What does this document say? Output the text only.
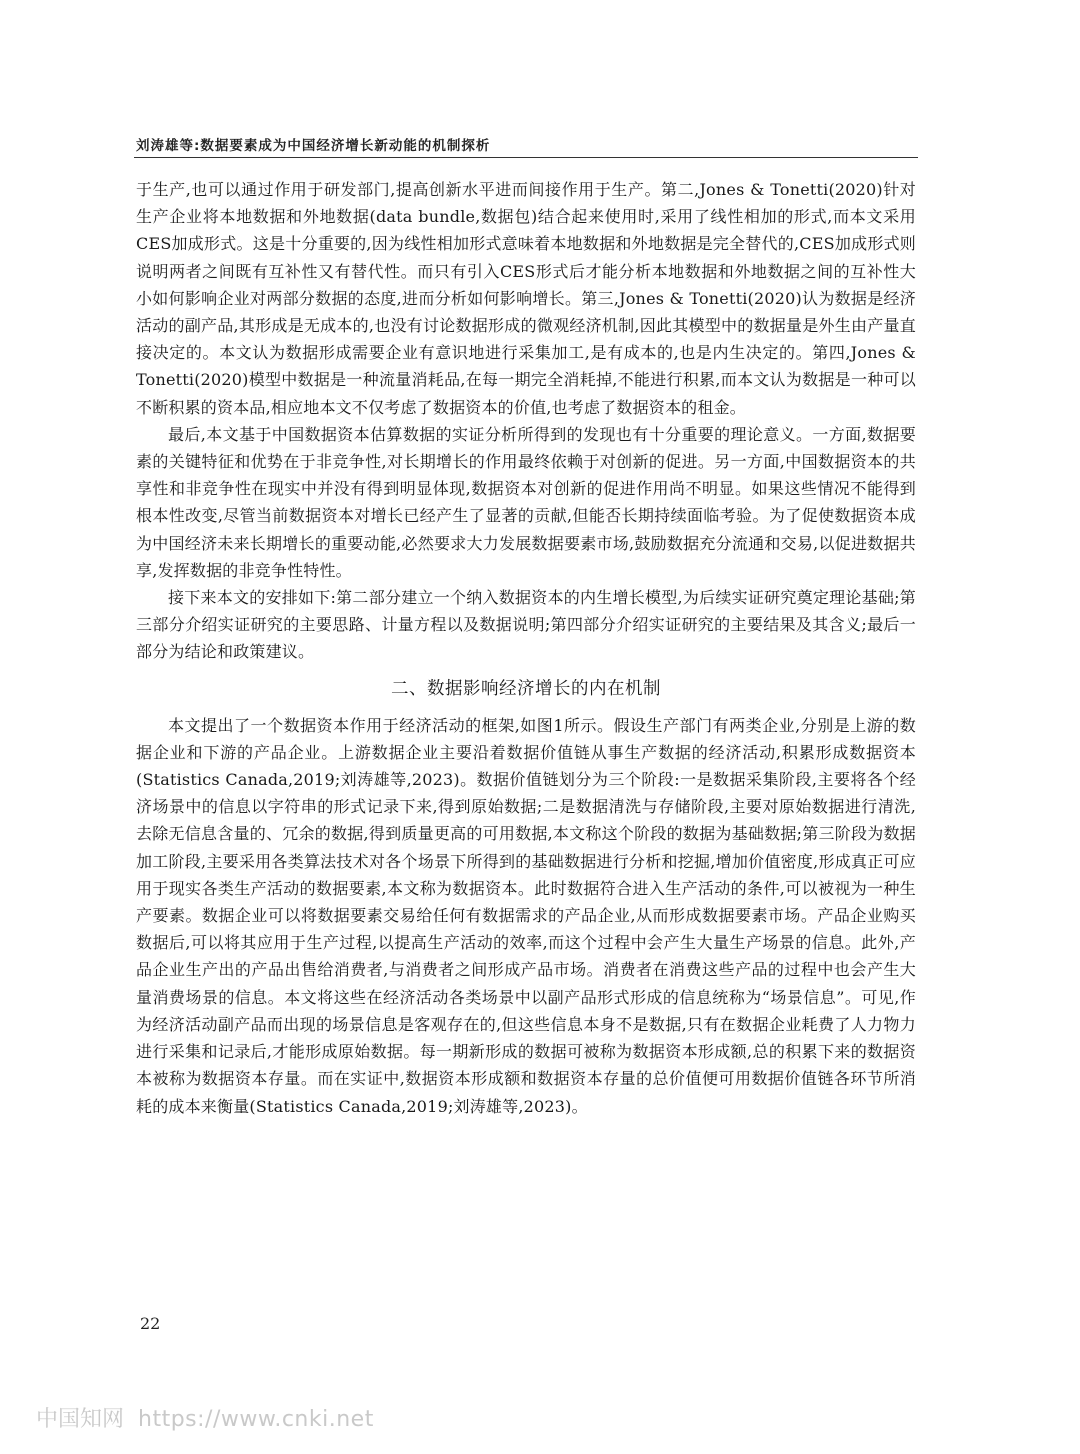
刘涛雄等:数据要素成为中国经济增长新动能的机制探析

于生产,也可以通过作用于研发部门,提高创新水平进而间接作用于生产。第二,Jones & Tonetti(2020)针对生产企业将本地数据和外地数据(data bundle,数据包)结合起来使用时,采用了线性相加的形式,而本文采用CES加成形式。这是十分重要的,因为线性相加形式意味着本地数据和外地数据是完全替代的,CES加成形式则说明两者之间既有互补性又有替代性。而只有引入CES形式后才能分析本地数据和外地数据之间的互补性大小如何影响企业对两部分数据的态度,进而分析如何影响增长。第三,Jones & Tonetti(2020)认为数据是经济活动的副产品,其形成是无成本的,也没有讨论数据形成的微观经济机制,因此其模型中的数据量是外生由产量直接决定的。本文认为数据形成需要企业有意识地进行采集加工,是有成本的,也是内生决定的。第四,Jones & Tonetti(2020)模型中数据是一种流量消耗品,在每一期完全消耗掉,不能进行积累,而本文认为数据是一种可以不断积累的资本品,相应地本文不仅考虑了数据资本的价值,也考虑了数据资本的租金。

最后,本文基于中国数据资本估算数据的实证分析所得到的发现也有十分重要的理论意义。一方面,数据要素的关键特征和优势在于非竞争性,对长期增长的作用最终依赖于对创新的促进。另一方面,中国数据资本的共享性和非竞争性在现实中并没有得到明显体现,数据资本对创新的促进作用尚不明显。如果这些情况不能得到根本性改变,尽管当前数据资本对增长已经产生了显著的贡献,但能否长期持续面临考验。为了促使数据资本成为中国经济未来长期增长的重要动能,必然要求大力发展数据要素市场,鼓励数据充分流通和交易,以促进数据共享,发挥数据的非竞争性特性。

接下来本文的安排如下:第二部分建立一个纳入数据资本的内生增长模型,为后续实证研究奠定理论基础;第三部分介绍实证研究的主要思路、计量方程以及数据说明;第四部分介绍实证研究的主要结果及其含义;最后一部分为结论和政策建议。

二、数据影响经济增长的内在机制

本文提出了一个数据资本作用于经济活动的框架,如图1所示。假设生产部门有两类企业,分别是上游的数据企业和下游的产品企业。上游数据企业主要沿着数据价值链从事生产数据的经济活动,积累形成数据资本(Statistics Canada,2019;刘涛雄等,2023)。数据价值链划分为三个阶段:一是数据采集阶段,主要将各个经济场景中的信息以字符串的形式记录下来,得到原始数据;二是数据清洗与存储阶段,主要对原始数据进行清洗,去除无信息含量的、冗余的数据,得到质量更高的可用数据,本文称这个阶段的数据为基础数据;第三阶段为数据加工阶段,主要采用各类算法技术对各个场景下所得到的基础数据进行分析和挖掘,增加价值密度,形成真正可应用于现实各类生产活动的数据要素,本文称为数据资本。此时数据符合进入生产活动的条件,可以被视为一种生产要素。数据企业可以将数据要素交易给任何有数据需求的产品企业,从而形成数据要素市场。产品企业购买数据后,可以将其应用于生产过程,以提高生产活动的效率,而这个过程中会产生大量生产场景的信息。此外,产品企业生产出的产品出售给消费者,与消费者之间形成产品市场。消费者在消费这些产品的过程中也会产生大量消费场景的信息。本文将这些在经济活动各类场景中以副产品形式形成的信息统称为“场景信息”。可见,作为经济活动副产品而出现的场景信息是客观存在的,但这些信息本身不是数据,只有在数据企业耗费了人力物力进行采集和记录后,才能形成原始数据。每一期新形成的数据可被称为数据资本形成额,总的积累下来的数据资本被称为数据资本存量。而在实证中,数据资本形成额和数据资本存量的总价值便可用数据价值链各环节所消耗的成本来衡量(Statistics Canada,2019;刘涛雄等,2023)。

22
中国知网 https://www.cnki.net
